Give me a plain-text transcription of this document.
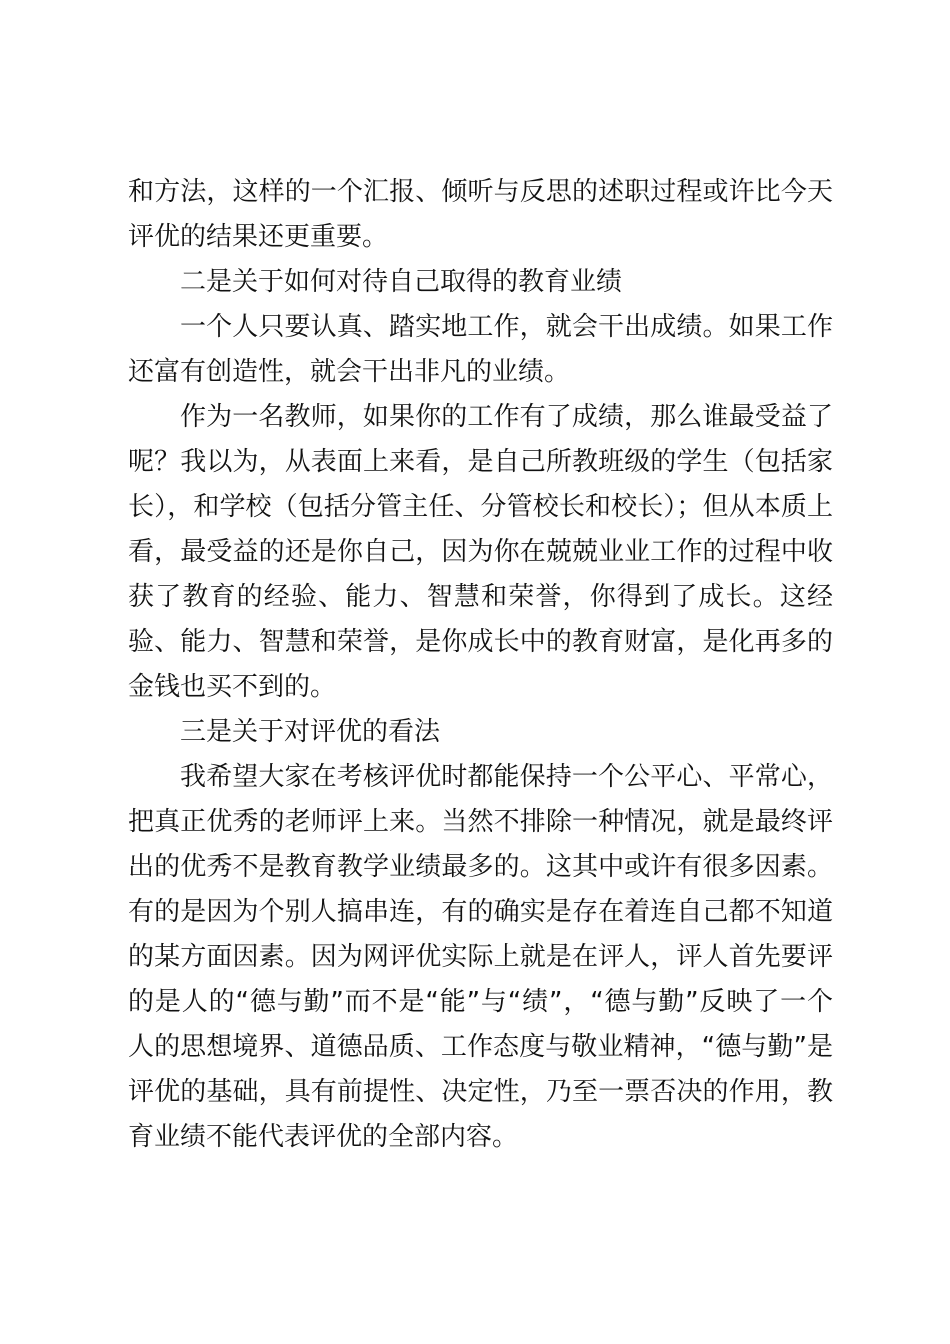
和方法，这样的一个汇报、倾听与反思的述职过程或许比今天评优的结果还更重要。

二是关于如何对待自己取得的教育业绩

一个人只要认真、踏实地工作，就会干出成绩。如果工作还富有创造性，就会干出非凡的业绩。

作为一名教师，如果你的工作有了成绩，那么谁最受益了呢？我以为，从表面上来看，是自己所教班级的学生（包括家长），和学校（包括分管主任、分管校长和校长）；但从本质上看，最受益的还是你自己，因为你在兢兢业业工作的过程中收获了教育的经验、能力、智慧和荣誉，你得到了成长。这经验、能力、智慧和荣誉，是你成长中的教育财富，是化再多的金钱也买不到的。

三是关于对评优的看法

我希望大家在考核评优时都能保持一个公平心、平常心，把真正优秀的老师评上来。当然不排除一种情况，就是最终评出的优秀不是教育教学业绩最多的。这其中或许有很多因素。有的是因为个别人搞串连，有的确实是存在着连自己都不知道的某方面因素。因为网评优实际上就是在评人，评人首先要评的是人的“德与勤”而不是“能”与“绩”，“德与勤”反映了一个人的思想境界、道德品质、工作态度与敬业精神，“德与勤”是评优的基础，具有前提性、决定性，乃至一票否决的作用，教育业绩不能代表评优的全部内容。
